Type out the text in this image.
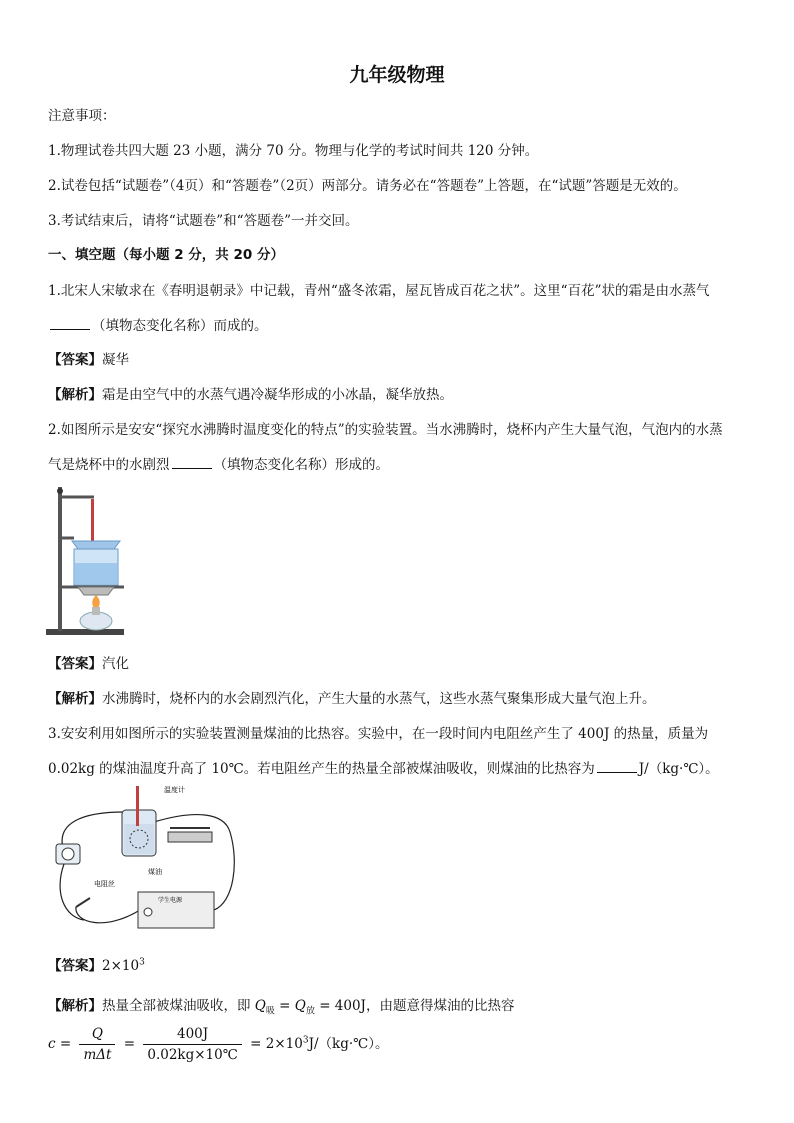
九年级物理
注意事项：
1.物理试卷共四大题 23 小题，满分 70 分。物理与化学的考试时间共 120 分钟。
2.试卷包括“试题卷”（4页）和“答题卷”（2页）两部分。请务必在“答题卷”上答题，在“试题”答题是无效的。
3.考试结束后，请将“试题卷”和“答题卷”一并交回。
一、填空题（每小题 2 分，共 20 分）
1.北宋人宋敏求在《春明退朝录》中记载，青州“盛冬浓霜，屋瓦皆成百花之状”。这里“百花”状的霜是由水蒸气
（填物态变化名称）而成的。
【答案】凝华
【解析】霜是由空气中的水蒸气遇冷凝华形成的小冰晶，凝华放热。
2.如图所示是安安“探究水沸腾时温度变化的特点”的实验装置。当水沸腾时，烧杯内产生大量气泡，气泡内的水蒸
气是烧杯中的水剧烈	（填物态变化名称）形成的。
【答案】汽化
【解析】水沸腾时，烧杯内的水会剧烈汽化，产生大量的水蒸气，这些水蒸气聚集形成大量气泡上升。
3.安安利用如图所示的实验装置测量煤油的比热容。实验中，在一段时间内电阻丝产生了 400J 的热量，质量为
0.02kg 的煤油温度升高了 10℃。若电阻丝产生的热量全部被煤油吸收，则煤油的比热容为	J/（kg·℃）。
温度计
电阻丝
煤油
学生电源
【答案】$2\times 10^3$
【解析】热量全部被煤油吸收，即 $Q_吸 = Q_放 = 400J$，由题意得煤油的比热容
$c = \frac{Q}{\text{mΔt}} = \frac{400J}{0.02kg\times 10℃}$ = $2\times 10^3J/(kg\cdot℃)$。
